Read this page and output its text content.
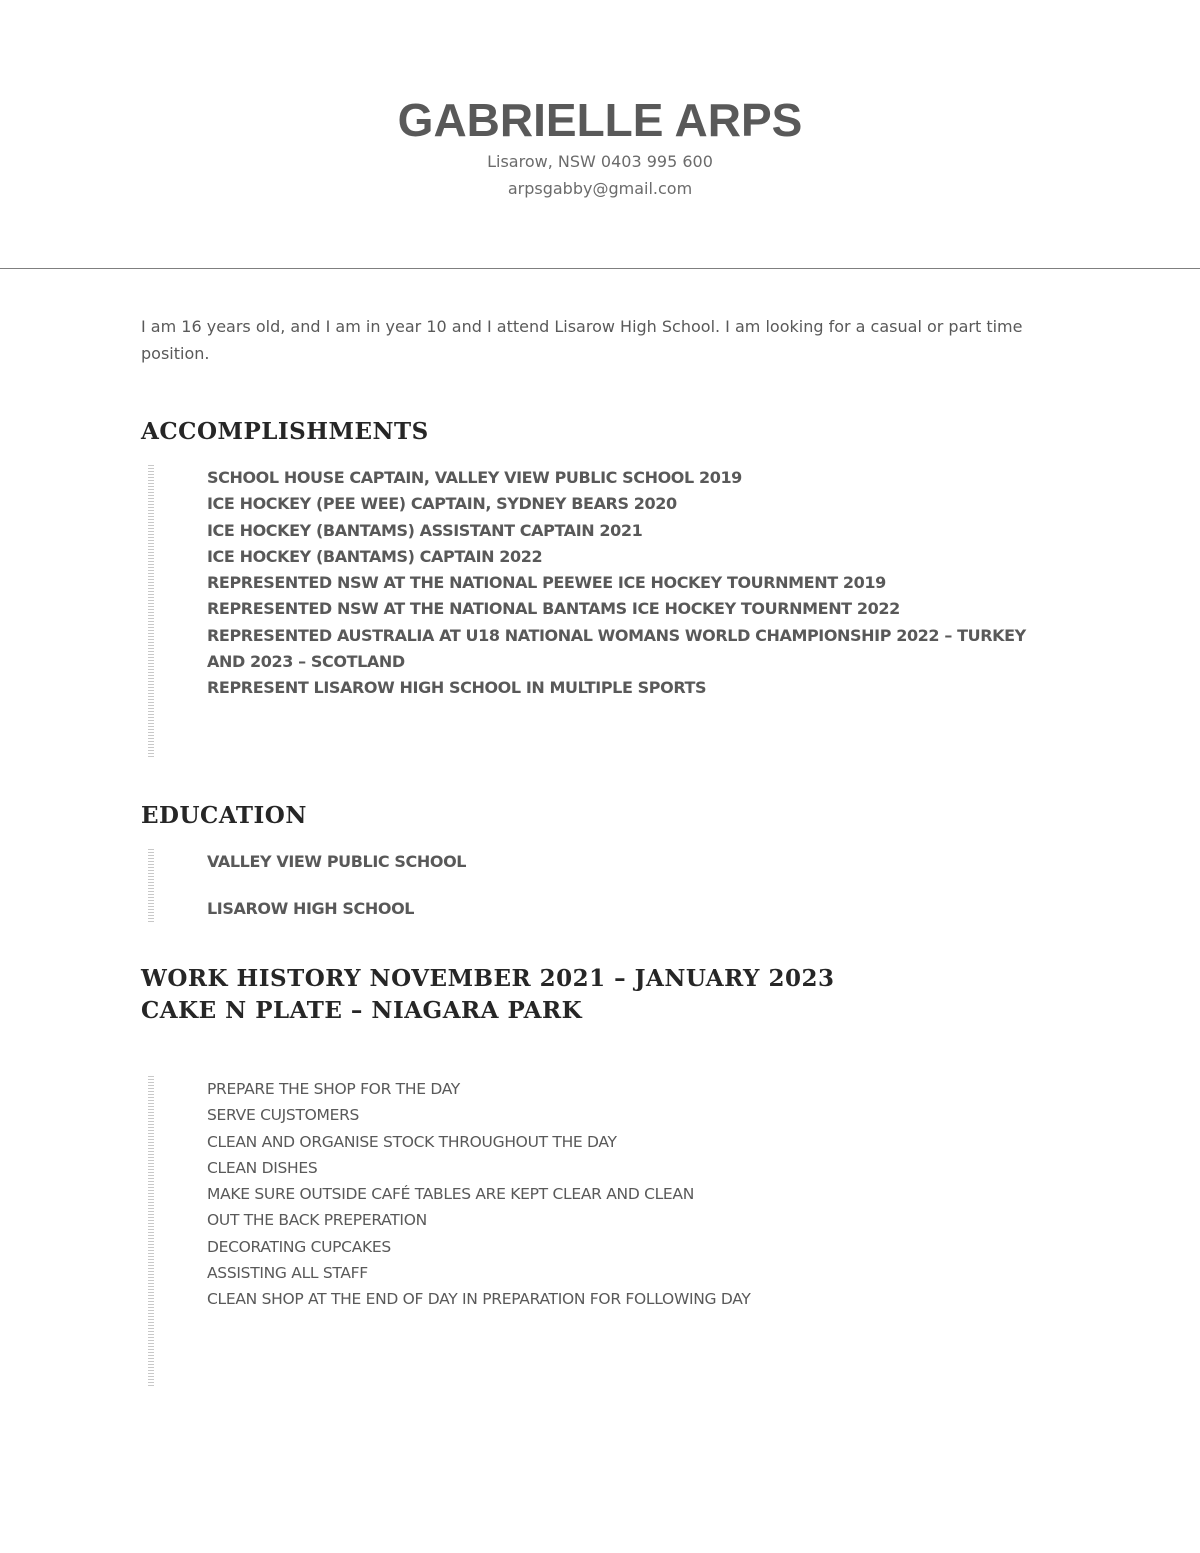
GABRIELLE ARPS
Lisarow, NSW 0403 995 600
arpsgabby@gmail.com

I am 16 years old, and I am in year 10 and I attend Lisarow High School. I am looking for a casual or part time position.

ACCOMPLISHMENTS
SCHOOL HOUSE CAPTAIN, VALLEY VIEW PUBLIC SCHOOL 2019
ICE HOCKEY (PEE WEE) CAPTAIN, SYDNEY BEARS 2020
ICE HOCKEY (BANTAMS) ASSISTANT CAPTAIN 2021
ICE HOCKEY (BANTAMS) CAPTAIN 2022
REPRESENTED NSW AT THE NATIONAL PEEWEE ICE HOCKEY TOURNMENT 2019
REPRESENTED NSW AT THE NATIONAL BANTAMS ICE HOCKEY TOURNMENT 2022
REPRESENTED AUSTRALIA AT U18 NATIONAL WOMANS WORLD CHAMPIONSHIP 2022 – TURKEY AND 2023 – SCOTLAND
REPRESENT LISAROW HIGH SCHOOL IN MULTIPLE SPORTS
EDUCATION
VALLEY VIEW PUBLIC SCHOOL
LISAROW HIGH SCHOOL
WORK HISTORY NOVEMBER 2021 – JANUARY 2023
CAKE N PLATE – NIAGARA PARK
PREPARE THE SHOP FOR THE DAY
SERVE CUJSTOMERS
CLEAN AND ORGANISE STOCK THROUGHOUT THE DAY
CLEAN DISHES
MAKE SURE OUTSIDE CAFÉ TABLES ARE KEPT CLEAR AND CLEAN
OUT THE BACK PREPERATION
DECORATING CUPCAKES
ASSISTING ALL STAFF
CLEAN SHOP AT THE END OF DAY IN PREPARATION FOR FOLLOWING DAY
